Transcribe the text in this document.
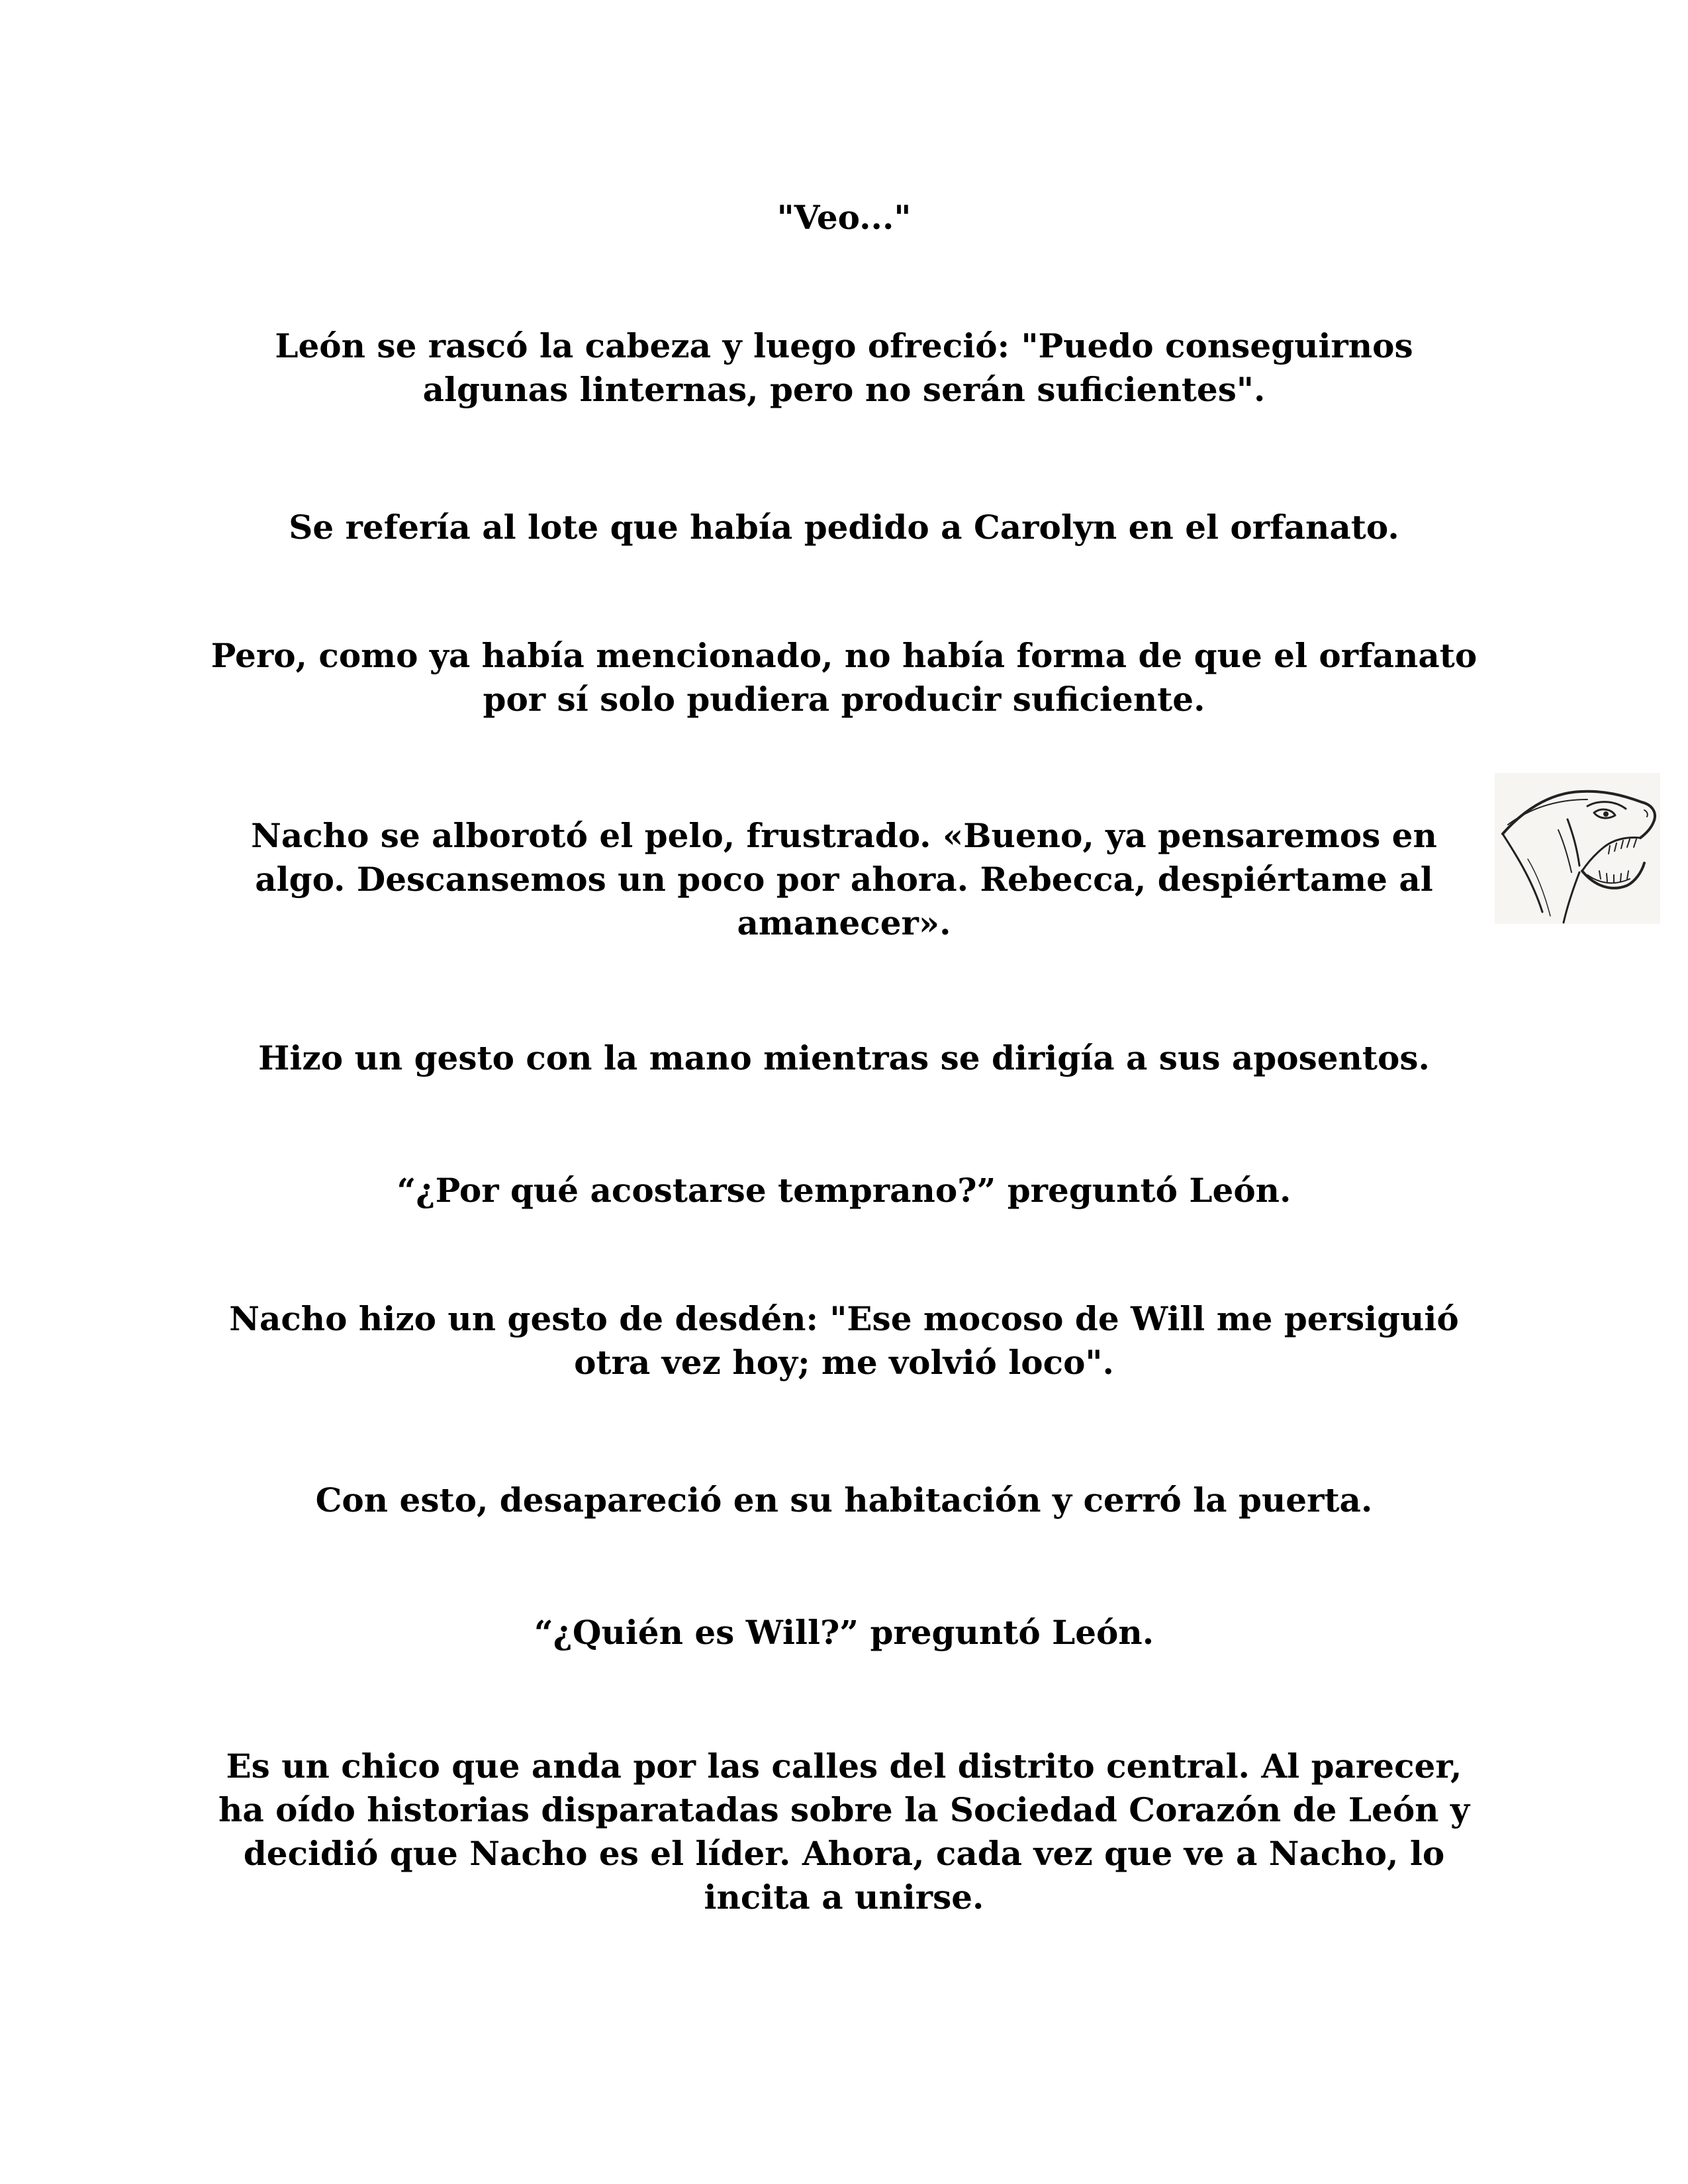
"Veo..."

León se rascó la cabeza y luego ofreció: "Puedo conseguirnos algunas linternas, pero no serán suficientes".

Se refería al lote que había pedido a Carolyn en el orfanato.

Pero, como ya había mencionado, no había forma de que el orfanato por sí solo pudiera producir suficiente.

Nacho se alborotó el pelo, frustrado. «Bueno, ya pensaremos en algo. Descansemos un poco por ahora. Rebecca, despiértame al amanecer».

Hizo un gesto con la mano mientras se dirigía a sus aposentos.

“¿Por qué acostarse temprano?” preguntó León.

Nacho hizo un gesto de desdén: "Ese mocoso de Will me persiguió otra vez hoy; me volvió loco".

Con esto, desapareció en su habitación y cerró la puerta.

“¿Quién es Will?” preguntó León.

Es un chico que anda por las calles del distrito central. Al parecer, ha oído historias disparatadas sobre la Sociedad Corazón de León y decidió que Nacho es el líder. Ahora, cada vez que ve a Nacho, lo incita a unirse.
